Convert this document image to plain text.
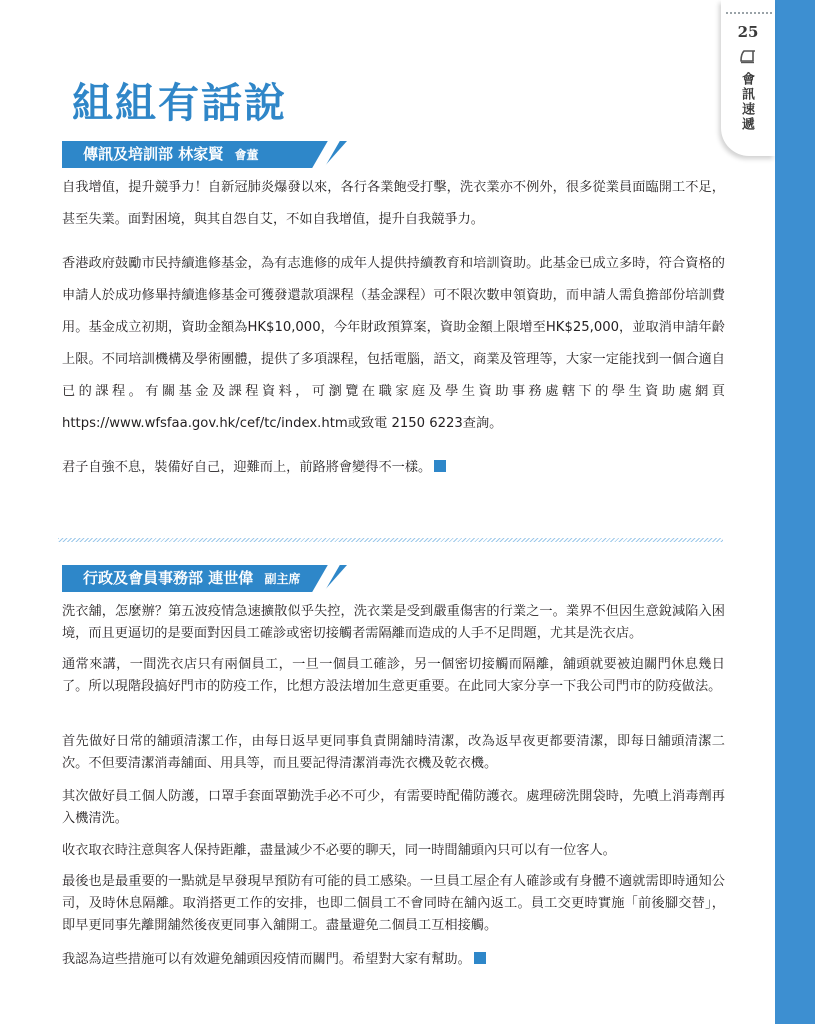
25
會訊速遞
組組有話說
傳訊及培訓部 林家賢 會董

自我增值，提升競爭力！自新冠肺炎爆發以來，各行各業飽受打擊，洗衣業亦不例外，很多從業員面臨開工不足，甚至失業。面對困境，與其自怨自艾，不如自我增值，提升自我競爭力。

香港政府鼓勵市民持續進修基金，為有志進修的成年人提供持續教育和培訓資助。此基金已成立多時，符合資格的申請人於成功修畢持續進修基金可獲發還款項課程（基金課程）可不限次數申領資助，而申請人需負擔部份培訓費用。基金成立初期，資助金額為HK$10,000，今年財政預算案，資助金額上限增至HK$25,000，並取消申請年齡上限。不同培訓機構及學術團體，提供了多項課程，包括電腦，語文，商業及管理等，大家一定能找到一個合適自已的課程。有關基金及課程資料，可瀏覽在職家庭及學生資助事務處轄下的學生資助處網頁https://www.wfsfaa.gov.hk/cef/tc/index.htm或致電 2150 6223查詢。

君子自強不息，裝備好自己，迎難而上，前路將會變得不一樣。

行政及會員事務部 連世偉 副主席

洗衣舖，怎麼辦？第五波疫情急速擴散似乎失控，洗衣業是受到嚴重傷害的行業之一。業界不但因生意銳減陷入困境，而且更逼切的是要面對因員工確診或密切接觸者需隔離而造成的人手不足問題，尤其是洗衣店。

通常來講，一間洗衣店只有兩個員工，一旦一個員工確診，另一個密切接觸而隔離，舖頭就要被迫關門休息幾日了。所以現階段搞好門市的防疫工作，比想方設法增加生意更重要。在此同大家分享一下我公司門市的防疫做法。

首先做好日常的舖頭清潔工作，由每日返早更同事負責開舖時清潔，改為返早夜更都要清潔，即每日舖頭清潔二次。不但要清潔消毒舖面、用具等，而且要記得清潔消毒洗衣機及乾衣機。

其次做好員工個人防護，口罩手套面罩勤洗手必不可少，有需要時配備防護衣。處理磅洗開袋時，先噴上消毒劑再入機清洗。

收衣取衣時注意與客人保持距離，盡量減少不必要的聊天，同一時間舖頭內只可以有一位客人。

最後也是最重要的一點就是早發現早預防有可能的員工感染。一旦員工屋企有人確診或有身體不適就需即時通知公司，及時休息隔離。取消搭更工作的安排，也即二個員工不會同時在舖內返工。員工交更時實施「前後腳交替」，即早更同事先離開舖然後夜更同事入舖開工。盡量避免二個員工互相接觸。

我認為這些措施可以有效避免舖頭因疫情而關門。希望對大家有幫助。
